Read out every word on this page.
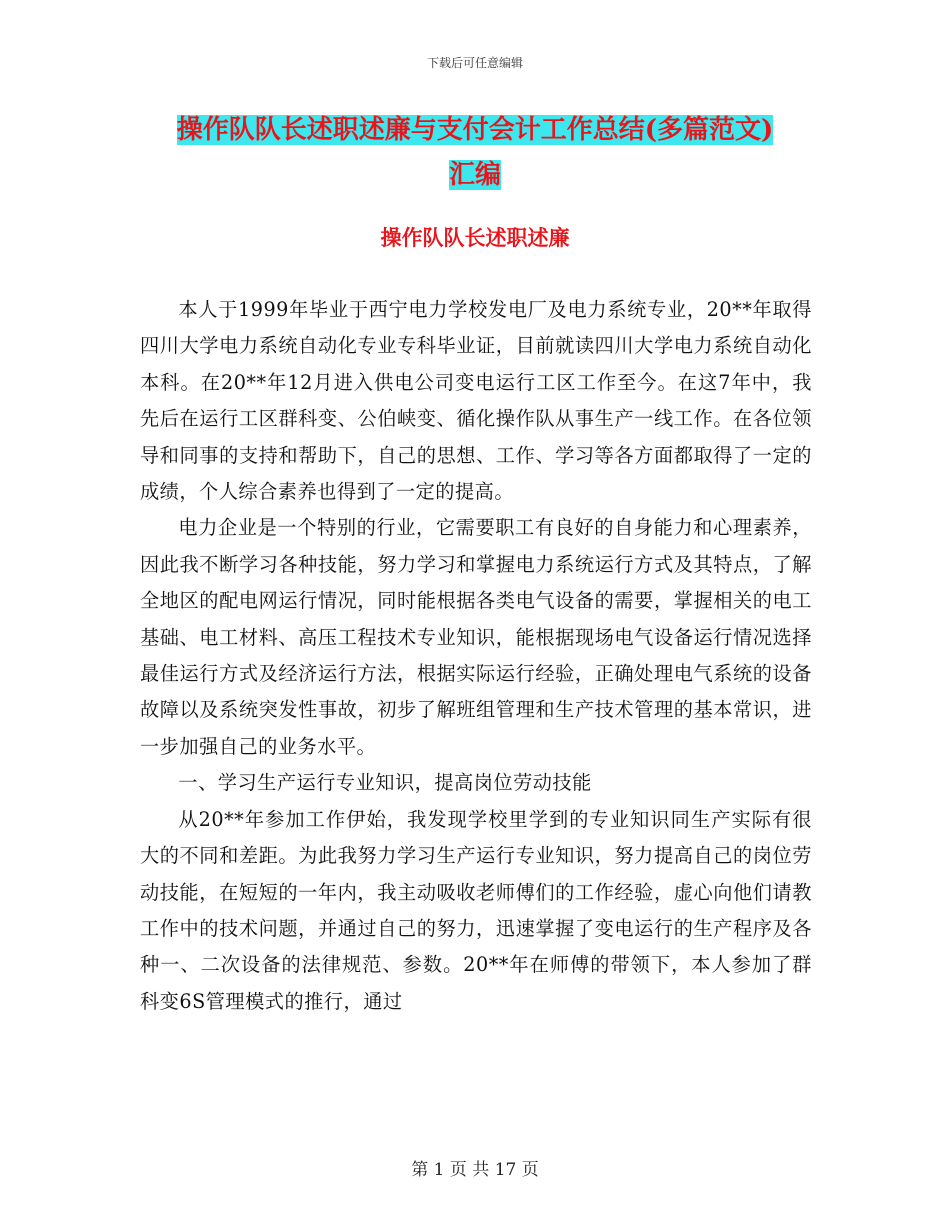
下载后可任意编辑
操作队队长述职述廉与支付会计工作总结(多篇范文)
汇编
操作队队长述职述廉

本人于1999年毕业于西宁电力学校发电厂及电力系统专业，20**年取得四川大学电力系统自动化专业专科毕业证，目前就读四川大学电力系统自动化本科。在20**年12月进入供电公司变电运行工区工作至今。在这7年中，我先后在运行工区群科变、公伯峡变、循化操作队从事生产一线工作。在各位领导和同事的支持和帮助下，自己的思想、工作、学习等各方面都取得了一定的成绩，个人综合素养也得到了一定的提高。

电力企业是一个特别的行业，它需要职工有良好的自身能力和心理素养，因此我不断学习各种技能，努力学习和掌握电力系统运行方式及其特点，了解全地区的配电网运行情况，同时能根据各类电气设备的需要，掌握相关的电工基础、电工材料、高压工程技术专业知识，能根据现场电气设备运行情况选择最佳运行方式及经济运行方法，根据实际运行经验，正确处理电气系统的设备故障以及系统突发性事故，初步了解班组管理和生产技术管理的基本常识，进一步加强自己的业务水平。

一、学习生产运行专业知识，提高岗位劳动技能

从20**年参加工作伊始，我发现学校里学到的专业知识同生产实际有很大的不同和差距。为此我努力学习生产运行专业知识，努力提高自己的岗位劳动技能，在短短的一年内，我主动吸收老师傅们的工作经验，虚心向他们请教工作中的技术问题，并通过自己的努力，迅速掌握了变电运行的生产程序及各种一、二次设备的法律规范、参数。20**年在师傅的带领下，本人参加了群科变6S管理模式的推行，通过

第 1 页 共 17 页
